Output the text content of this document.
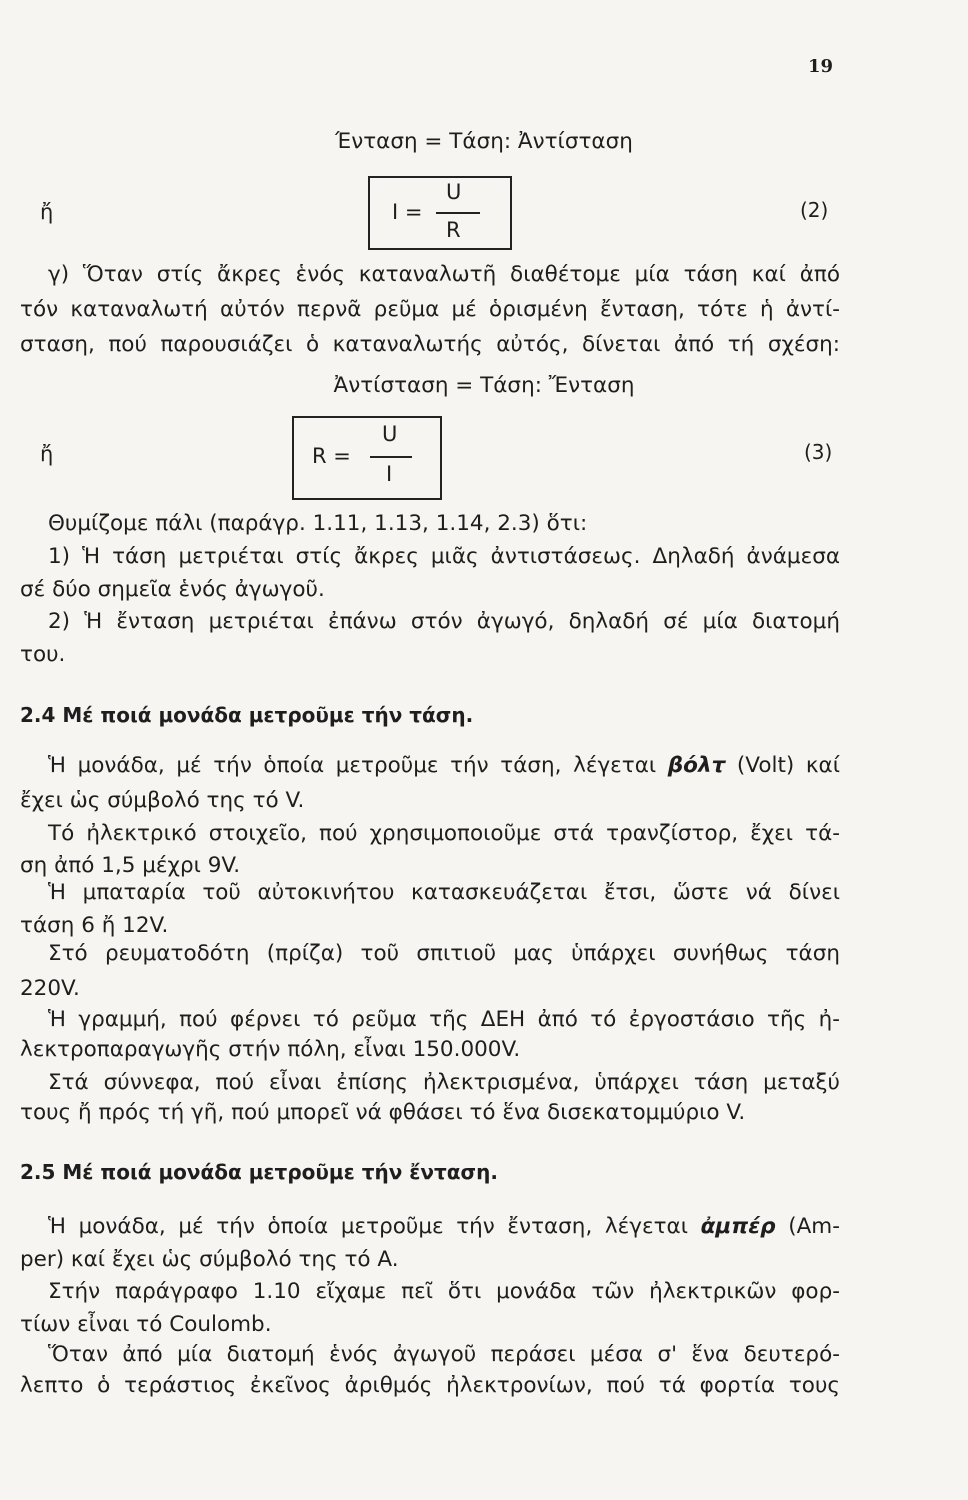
19
Ένταση = Τάση: Ἀντίσταση
ἤ	I =
U
R
(2)
γ) Ὅταν στίς ἄκρες ἑνός καταναλωτῆ διαθέτομε μία τάση καί ἀπό
τόν καταναλωτή αὐτόν περνᾶ ρεῦμα μέ ὁρισμένη ἔνταση, τότε ἡ ἀντί-
σταση, πού παρουσιάζει ὁ καταναλωτής αὐτός, δίνεται ἀπό τή σχέση:
Ἀντίσταση = Τάση: Ἔνταση
ἤ	R =
U
I
(3)
Θυμίζομε πάλι (παράγρ. 1.11, 1.13, 1.14, 2.3) ὅτι:
1) Ἡ τάση μετριέται στίς ἄκρες μιᾶς ἀντιστάσεως. Δηλαδή ἀνάμεσα
σέ δύο σημεῖα ἑνός ἀγωγοῦ.
2) Ἡ ἔνταση μετριέται ἐπάνω στόν ἀγωγό, δηλαδή σέ μία διατομή
του.
2.4 Μέ ποιά μονάδα μετροῦμε τήν τάση.
Ἡ μονάδα, μέ τήν ὁποία μετροῦμε τήν τάση, λέγεται βόλτ (Volt) καί
ἔχει ὡς σύμβολό της τό V.
Τό ἠλεκτρικό στοιχεῖο, πού χρησιμοποιοῦμε στά τρανζίστορ, ἔχει τά-
ση ἀπό 1,5 μέχρι 9V.
Ἡ μπαταρία τοῦ αὐτοκινήτου κατασκευάζεται ἔτσι, ὥστε νά δίνει
τάση 6 ἤ 12V.
Στό ρευματοδότη (πρίζα) τοῦ σπιτιοῦ μας ὑπάρχει συνήθως τάση
220V.
Ἡ γραμμή, πού φέρνει τό ρεῦμα τῆς ΔΕΗ ἀπό τό ἐργοστάσιο τῆς ἠ-
λεκτροπαραγωγῆς στήν πόλη, εἶναι 150.000V.
Στά σύννεφα, πού εἶναι ἐπίσης ἠλεκτρισμένα, ὑπάρχει τάση μεταξύ
τους ἤ πρός τή γῆ, πού μπορεῖ νά φθάσει τό ἕνα δισεκατομμύριο V.
2.5 Μέ ποιά μονάδα μετροῦμε τήν ἔνταση.
Ἡ μονάδα, μέ τήν ὁποία μετροῦμε τήν ἔνταση, λέγεται ἀμπέρ (Am-
per) καί ἔχει ὡς σύμβολό της τό A.
Στήν παράγραφο 1.10 εἴχαμε πεῖ ὅτι μονάδα τῶν ἠλεκτρικῶν φορ-
τίων εἶναι τό Coulomb.
Ὅταν ἀπό μία διατομή ἑνός ἀγωγοῦ περάσει μέσα σ' ἕνα δευτερό-
λεπτο ὁ τεράστιος ἐκεῖνος ἀριθμός ἠλεκτρονίων, πού τά φορτία τους
